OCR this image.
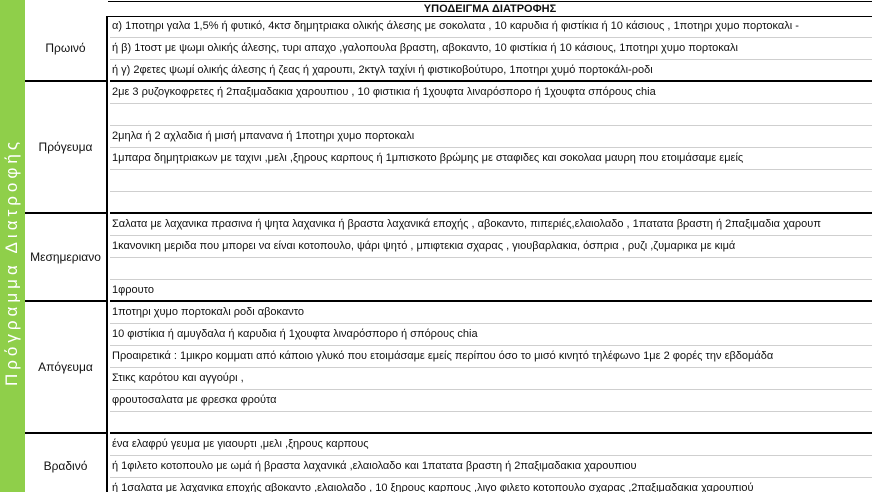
Πρόγραμμα Διατροφής
ΥΠΟΔΕΙΓΜΑ ΔΙΑΤΡΟΦΗΣ
Πρωινό
α) 1ποτηρι γαλα 1,5% ή φυτικό, 4κτσ δημητριακα ολικής άλεσης με σοκολατα , 10 καρυδια ή φιστίκια ή 10 κάσιους , 1ποτηρι χυμο πορτοκαλι -
ή β) 1τοστ με ψωμι ολικής άλεσης, τυρι απαχο ,γαλοπουλα βραστη, αβοκαντο, 10 φιστίκια ή 10 κάσιους, 1ποτηρι χυμο πορτοκαλι
ή γ) 2φετες ψωμί ολικής άλεσης ή ζεας ή χαρουπι, 2κτγλ ταχίνι ή φιστικοβούτυρο, 1ποτηρι χυμό πορτοκάλι-ροδι
Πρόγευμα
2με 3 ρυζογκοφρετες ή 2παξιμαδακια χαρουπιου , 10 φιστικια ή 1χουφτα λιναρόσπορο ή 1χουφτα σπόρους chia
2μηλα ή 2 αχλαδια ή μισή μπανανα ή 1ποτηρι χυμο πορτοκαλι
1μπαρα δημητριακων με ταχινι ,μελι ,ξηρους καρπους ή 1μπισκοτο βρώμης με σταφιδες και σοκολαα μαυρη που ετοιμάσαμε εμείς
Μεσημεριανο
Σαλατα με λαχανικα πρασινα ή ψητα λαχανικα ή βραστα λαχανικά εποχής , αβοκαντο, πιπεριές,ελαιολαδο , 1πατατα βραστη ή 2παξιμαδια χαρουπ
1κανονικη μεριδα που μπορει να είναι κοτοπουλο, ψάρι ψητό , μπιφτεκια σχαρας , γιουβαρλακια, όσπρια , ρυζι ,ζυμαρικα με κιμά
1φρουτο
Απόγευμα
1ποτηρι χυμο πορτοκαλι ροδι αβοκαντο
10 φιστίκια ή αμυγδαλα ή καρυδια ή 1χουφτα λιναρόσπορο ή σπόρους chia
Προαιρετικά : 1μικρο κομματι από κάποιο γλυκό που ετοιμάσαμε εμείς περίπου όσο το μισό κινητό τηλέφωνο 1με 2 φορές την εβδομάδα
Στικς καρότου και αγγούρι ,
φρουτοσαλατα με φρεσκα φρούτα
Βραδινό
ένα ελαφρύ γευμα με γιαουρτι ,μελι ,ξηρους καρπους
ή 1φιλετο κοτοπουλο με ωμά ή βραστα λαχανικά ,ελαιολαδο και 1πατατα βραστη ή 2παξιμαδακια χαρουπιου
ή 1σαλατα με λαχανικα εποχής αβοκαντο ,ελαιολαδο , 10 ξηρους καρπους ,λιγο φιλετο κοτοπουλο σχαρας ,2παξιμαδακια χαρουπιού
